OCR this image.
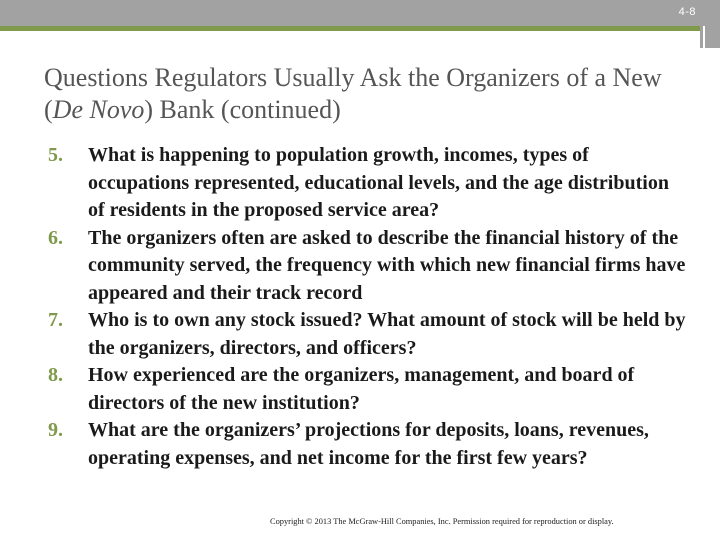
4-8
Questions Regulators Usually Ask the Organizers of a New (De Novo) Bank (continued)
5. What is happening to population growth, incomes, types of occupations represented, educational levels, and the age distribution of residents in the proposed service area?
6. The organizers often are asked to describe the financial history of the community served, the frequency with which new financial firms have appeared and their track record
7. Who is to own any stock issued? What amount of stock will be held by the organizers, directors, and officers?
8. How experienced are the organizers, management, and board of directors of the new institution?
9. What are the organizers’ projections for deposits, loans, revenues, operating expenses, and net income for the first few years?
Copyright © 2013 The McGraw-Hill Companies, Inc. Permission required for reproduction or display.
